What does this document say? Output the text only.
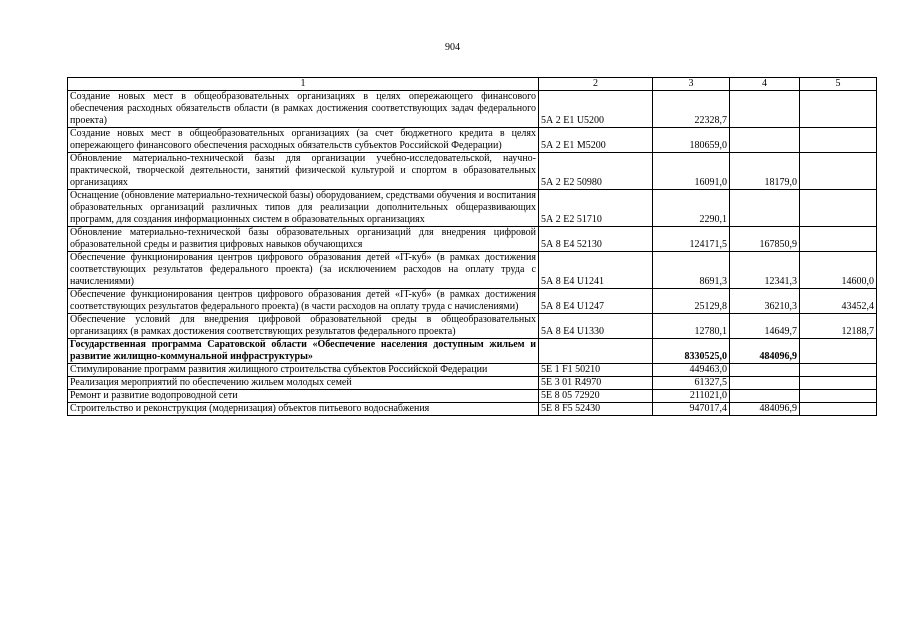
904
1	2	3	4	5
Создание новых мест в общеобразовательных организациях в целях опережающего финансового обеспечения расходных обязательств области (в рамках достижения соответствующих задач федерального проекта)	5А 2 Е1 U5200	22328,7		
Создание новых мест в общеобразовательных организациях (за счет бюджетного кредита в целях опережающего финансового обеспечения расходных обязательств субъектов Российской Федерации)	5А 2 Е1 M5200	180659,0		
Обновление материально-технической базы для организации учебно-исследовательской, научно-практической, творческой деятельности, занятий физической культурой и спортом в образовательных организациях	5А 2 Е2 50980	16091,0	18179,0	
Оснащение (обновление материально-технической базы) оборудованием, средствами обучения и воспитания образовательных организаций различных типов для реализации дополнительных общеразвивающих программ, для создания информационных систем в образовательных организациях	5А 2 Е2 51710	2290,1		
Обновление материально-технической базы образовательных организаций для внедрения цифровой образовательной среды и развития цифровых навыков обучающихся	5А 8 Е4 52130	124171,5	167850,9	
Обеспечение функционирования центров цифрового образования детей «IT-куб» (в рамках достижения соответствующих результатов федерального проекта) (за исключением расходов на оплату труда с начислениями)	5А 8 Е4 U1241	8691,3	12341,3	14600,0
Обеспечение функционирования центров цифрового образования детей «IT-куб» (в рамках достижения соответствующих результатов федерального проекта) (в части расходов на оплату труда с начислениями)	5А 8 Е4 U1247	25129,8	36210,3	43452,4
Обеспечение условий для внедрения цифровой образовательной среды в общеобразовательных организациях (в рамках достижения соответствующих результатов федерального проекта)	5А 8 Е4 U1330	12780,1	14649,7	12188,7
Государственная программа Саратовской области «Обеспечение населения доступным жильем и развитие жилищно-коммунальной инфраструктуры»		8330525,0	484096,9	
Стимулирование программ развития жилищного строительства субъектов Российской Федерации	5Е 1 F1 50210	449463,0		
Реализация мероприятий по обеспечению жильем молодых семей	5Е 3 01 R4970	61327,5		
Ремонт и развитие водопроводной сети	5Е 8 05 72920	211021,0		
Строительство и реконструкция (модернизация) объектов питьевого водоснабжения	5Е 8 F5 52430	947017,4	484096,9	
